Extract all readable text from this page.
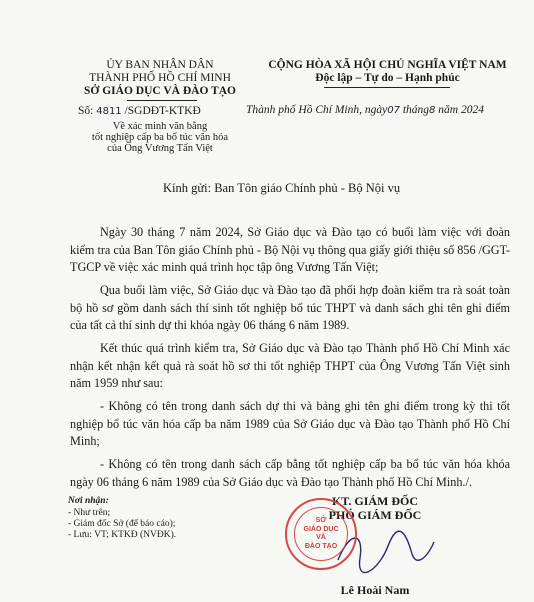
ỦY BAN NHÂN DÂN
THÀNH PHỐ HỒ CHÍ MINH
SỞ GIÁO DỤC VÀ ĐÀO TẠO
Số: 4811 /SGDĐT-KTKĐ
Về xác minh văn bằng
tốt nghiệp cấp ba bổ túc văn hóa
của Ông Vương Tấn Việt
CỘNG HÒA XÃ HỘI CHỦ NGHĨA VIỆT NAM
Độc lập – Tự do – Hạnh phúc
Thành phố Hồ Chí Minh, ngày07 tháng8 năm 2024
Kính gửi: Ban Tôn giáo Chính phủ - Bộ Nội vụ
Ngày 30 tháng 7 năm 2024, Sở Giáo dục và Đào tạo có buổi làm việc với đoàn kiểm tra của Ban Tôn giáo Chính phủ - Bộ Nội vụ thông qua giấy giới thiệu số 856 /GGT-TGCP về việc xác minh quá trình học tập ông Vương Tấn Việt;
Qua buổi làm việc, Sở Giáo dục và Đào tạo đã phối hợp đoàn kiểm tra rà soát toàn bộ hồ sơ gồm danh sách thí sinh tốt nghiệp bổ túc THPT và danh sách ghi tên ghi điểm của tất cả thí sinh dự thi khóa ngày 06 tháng 6 năm 1989.
Kết thúc quá trình kiểm tra, Sở Giáo dục và Đào tạo Thành phố Hồ Chí Minh xác nhận kết nhận kết quả rà soát hồ sơ thi tốt nghiệp THPT của Ông Vương Tấn Việt sinh năm 1959 như sau:
- Không có tên trong danh sách dự thi và bảng ghi tên ghi điểm trong kỳ thi tốt nghiệp bổ túc văn hóa cấp ba năm 1989 của Sở Giáo dục và Đào tạo Thành phố Hồ Chí Minh;
- Không có tên trong danh sách cấp bằng tốt nghiệp cấp ba bổ túc văn hóa khóa ngày 06 tháng 6 năm 1989 của Sở Giáo dục và Đào tạo Thành phố Hồ Chí Minh./.
Nơi nhận:
- Như trên;
- Giám đốc Sở (để báo cáo);
- Lưu: VT; KTKĐ (NVĐK).
KT. GIÁM ĐỐC
PHÓ GIÁM ĐỐC
SỞ
GIÁO DỤC
VÀ
ĐÀO TẠO
Lê Hoài Nam
